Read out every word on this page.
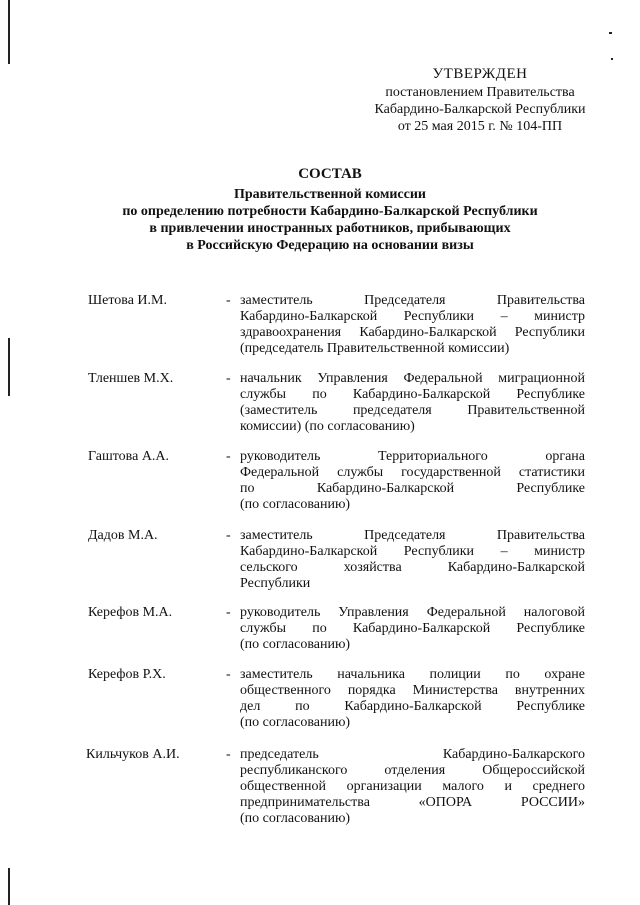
УТВЕРЖДЕН
постановлением Правительства
Кабардино-Балкарской Республики
от 25 мая 2015 г. № 104-ПП
СОСТАВ
Правительственной комиссии
по определению потребности Кабардино-Балкарской Республики
в привлечении иностранных работников, прибывающих
в Российскую Федерацию на основании визы
Шетова И.М.	- заместитель Председателя Правительства
Кабардино-Балкарской Республики – министр
здравоохранения Кабардино-Балкарской Республики
(председатель Правительственной комиссии)
Тленшев М.Х.	- начальник Управления Федеральной миграционной
службы по Кабардино-Балкарской Республике
(заместитель председателя Правительственной
комиссии) (по согласованию)
Гаштова А.А.	- руководитель Территориального органа
Федеральной службы государственной статистики
по Кабардино-Балкарской Республике
(по согласованию)
Дадов М.А.	- заместитель Председателя Правительства
Кабардино-Балкарской Республики – министр
сельского хозяйства Кабардино-Балкарской
Республики
Керефов М.А.	- руководитель Управления Федеральной налоговой
службы по Кабардино-Балкарской Республике
(по согласованию)
Керефов Р.Х.	- заместитель начальника полиции по охране
общественного порядка Министерства внутренних
дел по Кабардино-Балкарской Республике
(по согласованию)
Кильчуков А.И.	- председатель Кабардино-Балкарского
республиканского отделения Общероссийской
общественной организации малого и среднего
предпринимательства «ОПОРА РОССИИ»
(по согласованию)
